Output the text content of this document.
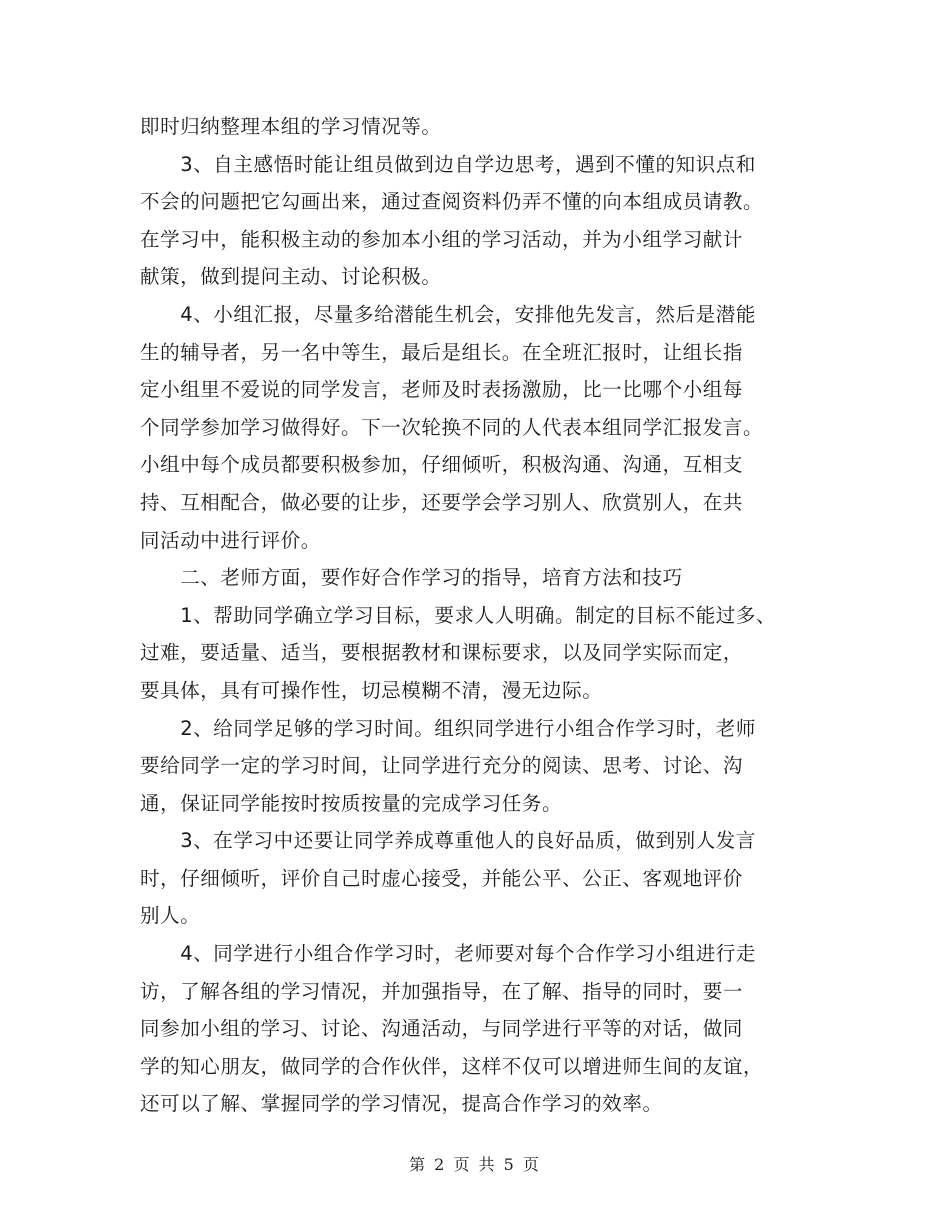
即时归纳整理本组的学习情况等。
　　3、自主感悟时能让组员做到边自学边思考，遇到不懂的知识点和
不会的问题把它勾画出来，通过查阅资料仍弄不懂的向本组成员请教。
在学习中，能积极主动的参加本小组的学习活动，并为小组学习献计
献策，做到提问主动、讨论积极。
　　4、小组汇报，尽量多给潜能生机会，安排他先发言，然后是潜能
生的辅导者，另一名中等生，最后是组长。在全班汇报时，让组长指
定小组里不爱说的同学发言，老师及时表扬激励，比一比哪个小组每
个同学参加学习做得好。下一次轮换不同的人代表本组同学汇报发言。
小组中每个成员都要积极参加，仔细倾听，积极沟通、沟通，互相支
持、互相配合，做必要的让步，还要学会学习别人、欣赏别人，在共
同活动中进行评价。
　　二、老师方面，要作好合作学习的指导，培育方法和技巧
　　1、帮助同学确立学习目标，要求人人明确。制定的目标不能过多、
过难，要适量、适当，要根据教材和课标要求，以及同学实际而定，
要具体，具有可操作性，切忌模糊不清，漫无边际。
　　2、给同学足够的学习时间。组织同学进行小组合作学习时，老师
要给同学一定的学习时间，让同学进行充分的阅读、思考、讨论、沟
通，保证同学能按时按质按量的完成学习任务。
　　3、在学习中还要让同学养成尊重他人的良好品质，做到别人发言
时，仔细倾听，评价自己时虚心接受，并能公平、公正、客观地评价
别人。
　　4、同学进行小组合作学习时，老师要对每个合作学习小组进行走
访，了解各组的学习情况，并加强指导，在了解、指导的同时，要一
同参加小组的学习、讨论、沟通活动，与同学进行平等的对话，做同
学的知心朋友，做同学的合作伙伴，这样不仅可以增进师生间的友谊，
还可以了解、掌握同学的学习情况，提高合作学习的效率。
第 2 页 共 5 页
